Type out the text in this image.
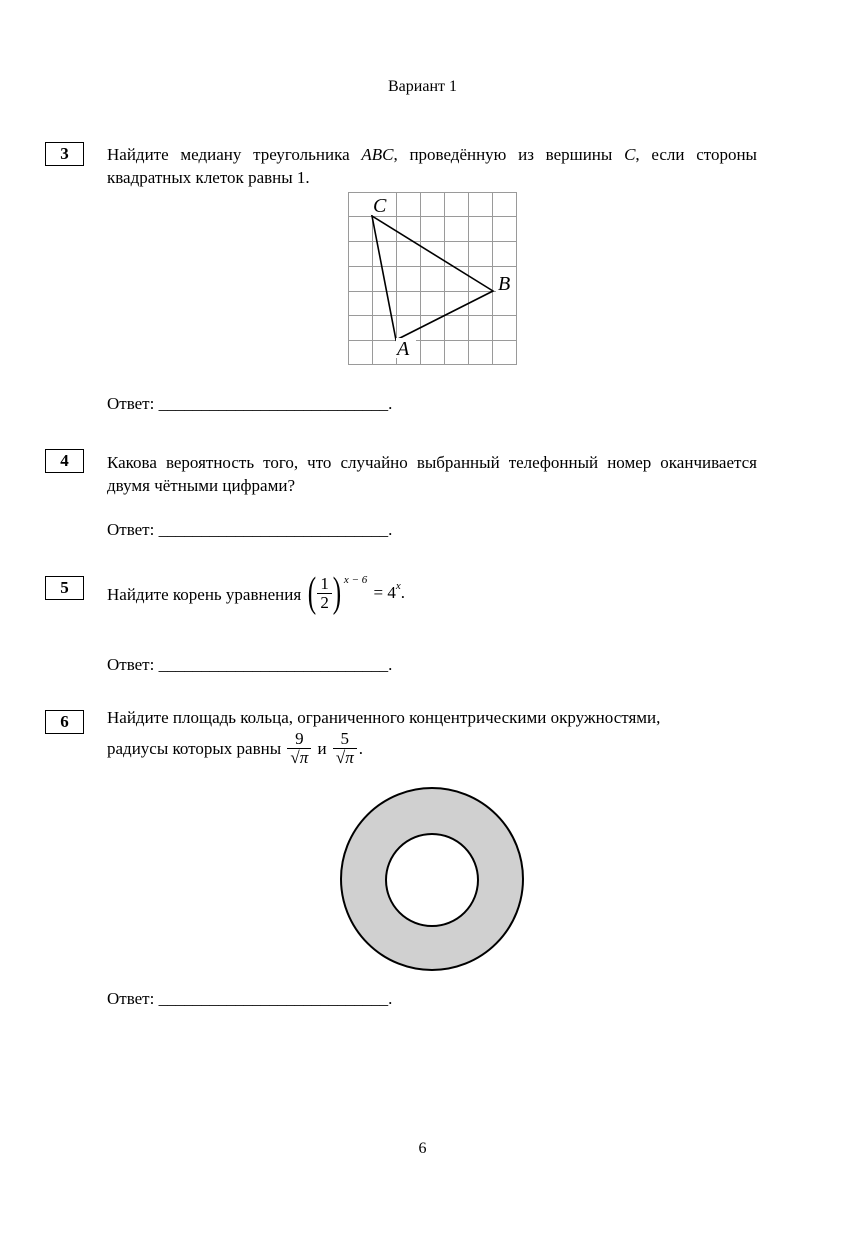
Вариант 1
3	Найдите медиану треугольника ABC, проведённую из вершины C, если стороны квадратных клеток равны 1.
C
B
A
Ответ: ___________________________.
4	Какова вероятность того, что случайно выбранный телефонный номер оканчивается двумя чётными цифрами?
Ответ: ___________________________.
5	Найдите корень уравнения ( $\frac{1}{2}$ ) $^{x - 6} = 4^x$.
Ответ: ___________________________.
6	Найдите площадь кольца, ограниченного концентрическими окружностями,
радиусы которых равны $\frac{9}{√\pi}$ и $\frac{5}{√\pi}$ .
Ответ: ___________________________.
6
